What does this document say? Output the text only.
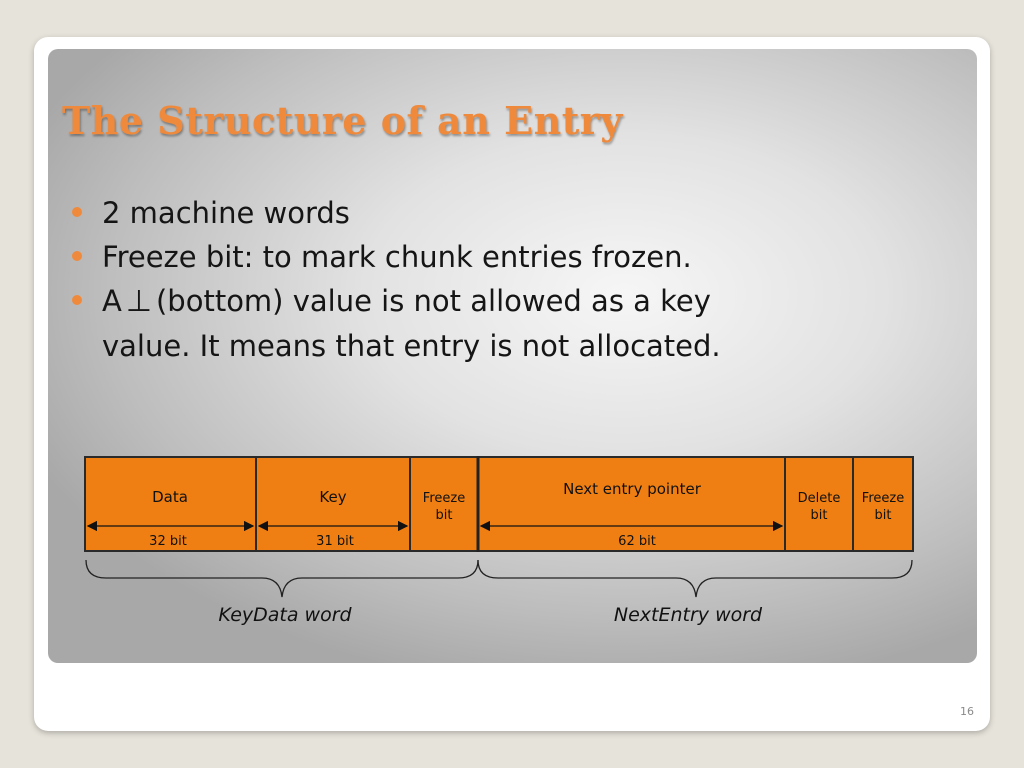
The Structure of an Entry
2 machine words
Freeze bit: to mark chunk entries frozen.
A ⊥ (bottom) value is not allowed as a key
value. It means that entry is not allocated.
Data	Key	Freeze
bit
Next entry pointer
Delete
bit
Freeze
bit
32 bit	31 bit	62 bit
KeyData word	NextEntry word
16
